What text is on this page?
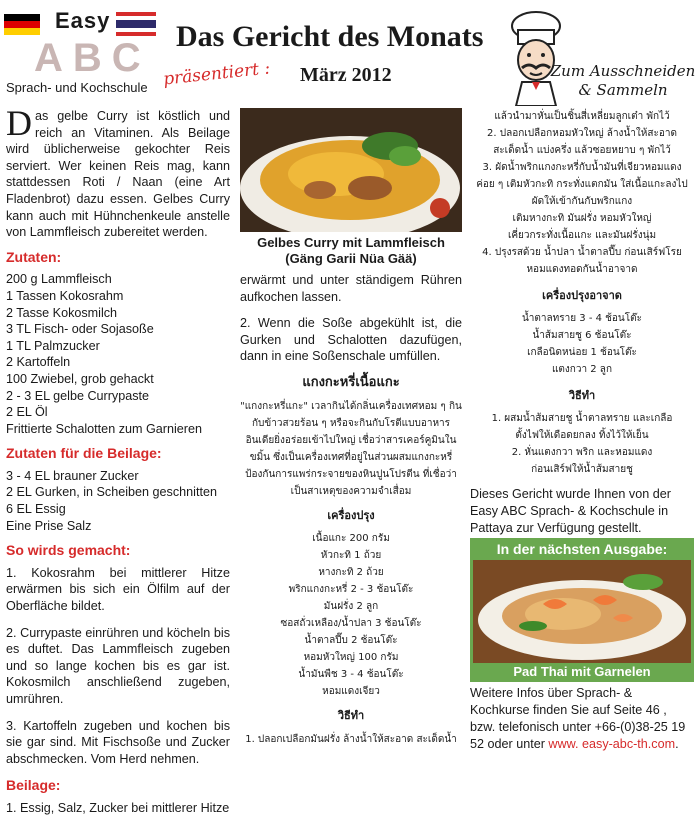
Easy
ABC
Sprach- und Kochschule präsentiert :
Das Gericht des Monats
März 2012	Zum Ausschneiden
& Sammeln

Das gelbe Curry ist köstlich und reich an Vitaminen. Als Beilage wird üblicherweise gekochter Reis serviert. Wer keinen Reis mag, kann stattdessen Roti / Naan (eine Art Fladenbrot) dazu essen. Gelbes Curry kann auch mit Hühnchenkeule anstelle von Lammfleisch zubereitet werden.

Zutaten:
200 g Lammfleisch
1 Tassen Kokosrahm
2 Tasse Kokosmilch
3 TL Fisch- oder Sojasoße
1 TL Palmzucker
2 Kartoffeln
100 Zwiebel, grob gehackt
2 - 3 EL gelbe Currypaste
2 EL Öl
Frittierte Schalotten zum Garnieren
Zutaten für die Beilage:
3 - 4 EL brauner Zucker
2 EL Gurken, in Scheiben geschnitten
6 EL Essig
Eine Prise Salz
So wirds gemacht:

1. Kokosrahm bei mittlerer Hitze erwärmen bis sich ein Ölfilm auf der Oberfläche bildet.

2. Currypaste einrühren und köcheln bis es duftet. Das Lammfleisch zugeben und so lange kochen bis es gar ist. Kokosmilch anschließend zugeben, umrühren.

3. Kartoffeln zugeben und kochen bis sie gar sind. Mit Fischsoße und Zucker abschmecken. Vom Herd nehmen.

Beilage:

1. Essig, Salz, Zucker bei mittlerer Hitze

Gelbes Curry mit Lammfleisch
(Gäng Garii Nüa Gää)

erwärmt und unter ständigem Rühren aufkochen lassen.

2. Wenn die Soße abgekühlt ist, die Gurken und Schalotten dazufügen, dann in eine Soßenschale umfüllen.

แกงกะหรี่เนื้อแกะ
"แกงกะหรี่แกะ" เวลากินได้กลิ่นเครื่องเทศหอม ๆ กินกับข้าวสวยร้อน ๆ หรือจะกินกับโรตีแบบอาหารอินเดียยิ่งอร่อยเข้าไปใหญ่ เชื่อว่าสารเคอร์คูมินในขมิ้น ซึ่งเป็นเครื่องเทศที่อยู่ในส่วนผสมแกงกะหรี่ ป้องกันการแพร่กระจายของหินปูนโปรตีน ที่เชื่อว่าเป็นสาเหตุของความจำเสื่อม
เครื่องปรุง
เนื้อแกะ 200 กรัม
หัวกะทิ 1 ถ้วย
หางกะทิ 2 ถ้วย
พริกแกงกะหรี่ 2 - 3 ช้อนโต๊ะ
มันฝรั่ง 2 ลูก
ซอสถั่วเหลือง/น้ำปลา 3 ช้อนโต๊ะ
น้ำตาลปี๊บ 2 ช้อนโต๊ะ
หอมหัวใหญ่ 100 กรัม
น้ำมันพืช 3 - 4 ช้อนโต๊ะ
หอมแดงเจียว
วิธีทำ
1. ปลอกเปลือกมันฝรั่ง ล้างน้ำให้สะอาด สะเด็ดน้ำ
แล้วนำมาหั่นเป็นชิ้นสี่เหลี่ยมลูกเต๋า พักไว้
2. ปลอกเปลือกหอมหัวใหญ่ ล้างน้ำให้สะอาด
สะเด็ดน้ำ แบ่งครึ่ง แล้วซอยหยาบ ๆ พักไว้
3. ผัดน้ำพริกแกงกะหรี่กับน้ำมันที่เจียวหอมแดง
ค่อย ๆ เติมหัวกะทิ กระทั่งแตกมัน ใส่เนื้อแกะลงไป
ผัดให้เข้ากันกับพริกแกง
เติมหางกะทิ มันฝรั่ง หอมหัวใหญ่
เคี่ยวกระทั่งเนื้อแกะ และมันฝรั่งนุ่ม
4. ปรุงรสด้วย น้ำปลา น้ำตาลปี๊บ ก่อนเสิร์ฟโรย
หอมแดงทอดกันน้ำอาจาด
เครื่องปรุงอาจาด
น้ำตาลทราย 3 - 4 ช้อนโต๊ะ
น้ำส้มสายชู 6 ช้อนโต๊ะ
เกลือนิดหน่อย 1 ช้อนโต๊ะ
แตงกวา 2 ลูก
วิธีทำ
1. ผสมน้ำส้มสายชู น้ำตาลทราย และเกลือ
ตั้งไฟให้เดือดยกลง ทิ้งไว้ให้เย็น
2. หั่นแตงกวา พริก และหอมแดง
ก่อนเสิร์ฟให้น้ำส้มสายชู
Dieses Gericht wurde Ihnen von der Easy ABC Sprach- & Kochschule in Pattaya zur Verfügung gestellt.
In der nächsten Ausgabe:
Pad Thai mit Garnelen
Weitere Infos über Sprach- & Kochkurse finden Sie auf Seite 46 , bzw. telefonisch unter +66-(0)38-25 19 52 oder unter www. easy-abc-th.com.
